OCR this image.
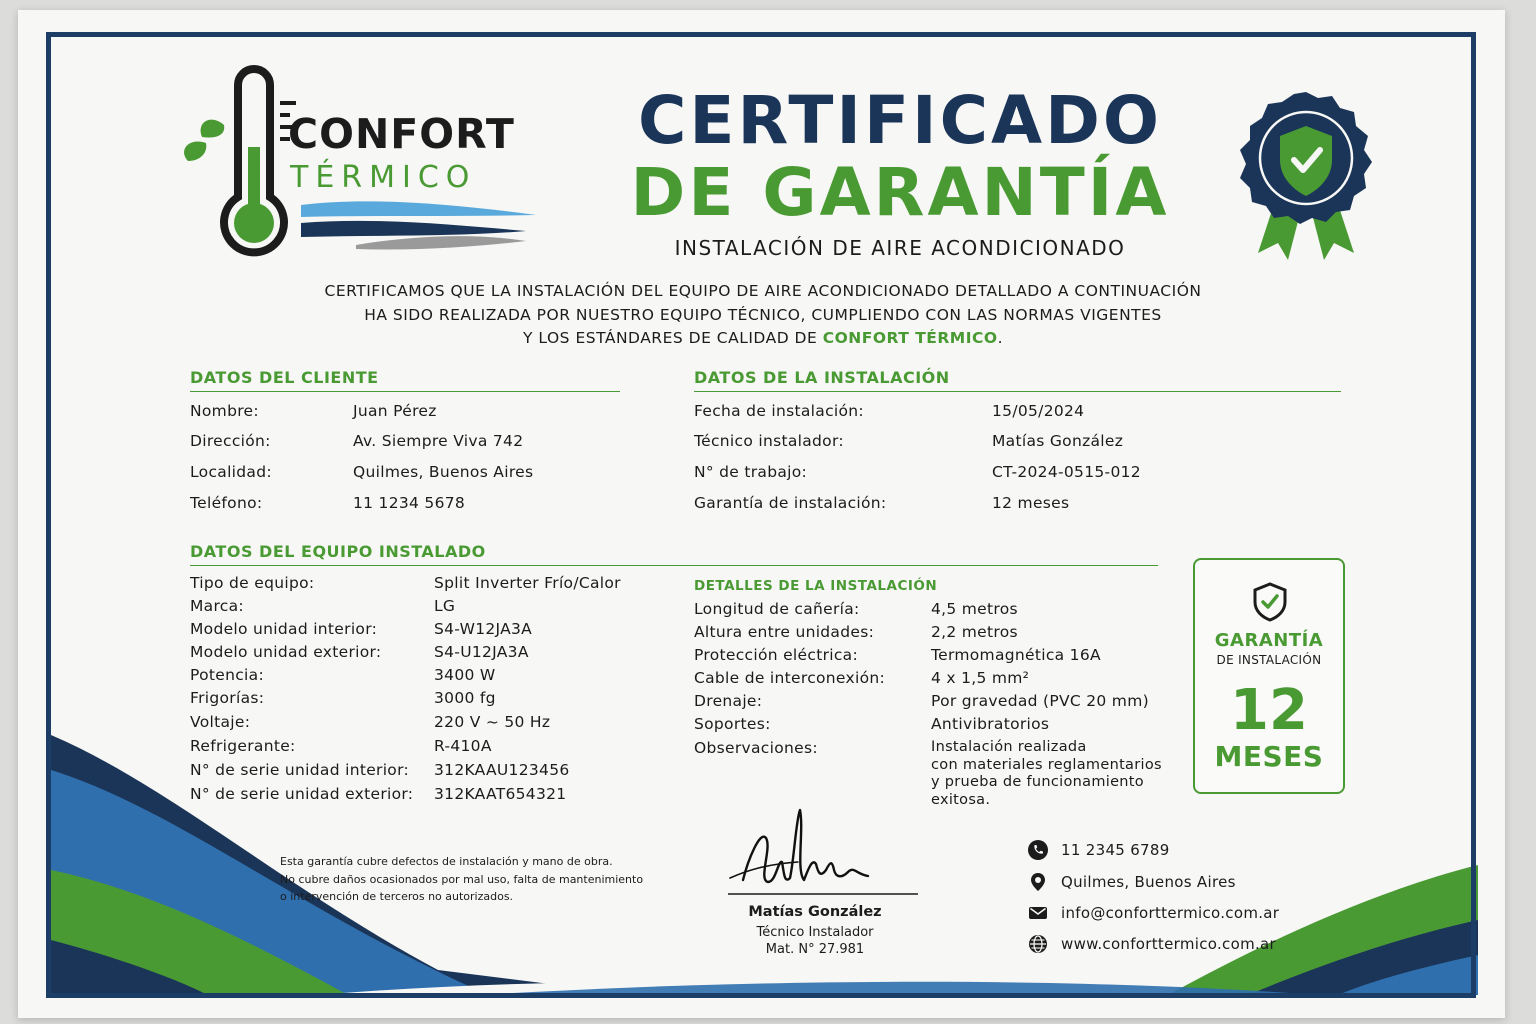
CONFORT
TÉRMICO
CERTIFICADO
DE GARANTÍA
INSTALACIÓN DE AIRE ACONDICIONADO
CERTIFICAMOS QUE LA INSTALACIÓN DEL EQUIPO DE AIRE ACONDICIONADO DETALLADO A CONTINUACIÓN
HA SIDO REALIZADA POR NUESTRO EQUIPO TÉCNICO, CUMPLIENDO CON LAS NORMAS VIGENTES
Y LOS ESTÁNDARES DE CALIDAD DE CONFORT TÉRMICO.
DATOS DEL CLIENTE
Nombre:	Juan Pérez
Dirección:	Av. Siempre Viva 742
Localidad:	Quilmes, Buenos Aires
Teléfono:	11 1234 5678
DATOS DE LA INSTALACIÓN
Fecha de instalación:	15/05/2024
Técnico instalador:	Matías González
N° de trabajo:	CT-2024-0515-012
Garantía de instalación:	12 meses
DATOS DEL EQUIPO INSTALADO
Tipo de equipo:	Split Inverter Frío/Calor
Marca:	LG
Modelo unidad interior:	S4-W12JA3A
Modelo unidad exterior:	S4-U12JA3A
Potencia:	3400 W
Frigorías:	3000 fg
Voltaje:	220 V ~ 50 Hz
Refrigerante:	R-410A
N° de serie unidad interior: 312KAAU123456
N° de serie unidad exterior: 312KAAT654321
DETALLES DE LA INSTALACIÓN
Longitud de cañería:	4,5 metros
Altura entre unidades:	2,2 metros
Protección eléctrica:	Termomagnética 16A
Cable de interconexión:	4 x 1,5 mm²
Drenaje:	Por gravedad (PVC 20 mm)
Soportes:	Antivibratorios
Observaciones:	Instalación realizada
con materiales reglamentarios
y prueba de funcionamiento
exitosa.
GARANTÍA
DE INSTALACIÓN
12
MESES
Esta garantía cubre defectos de instalación y mano de obra.
No cubre daños ocasionados por mal uso, falta de mantenimiento
o intervención de terceros no autorizados.
Matías González
Técnico Instalador
Mat. N° 27.981
11 2345 6789
Quilmes, Buenos Aires
info@conforttermico.com.ar
www.conforttermico.com.ar
